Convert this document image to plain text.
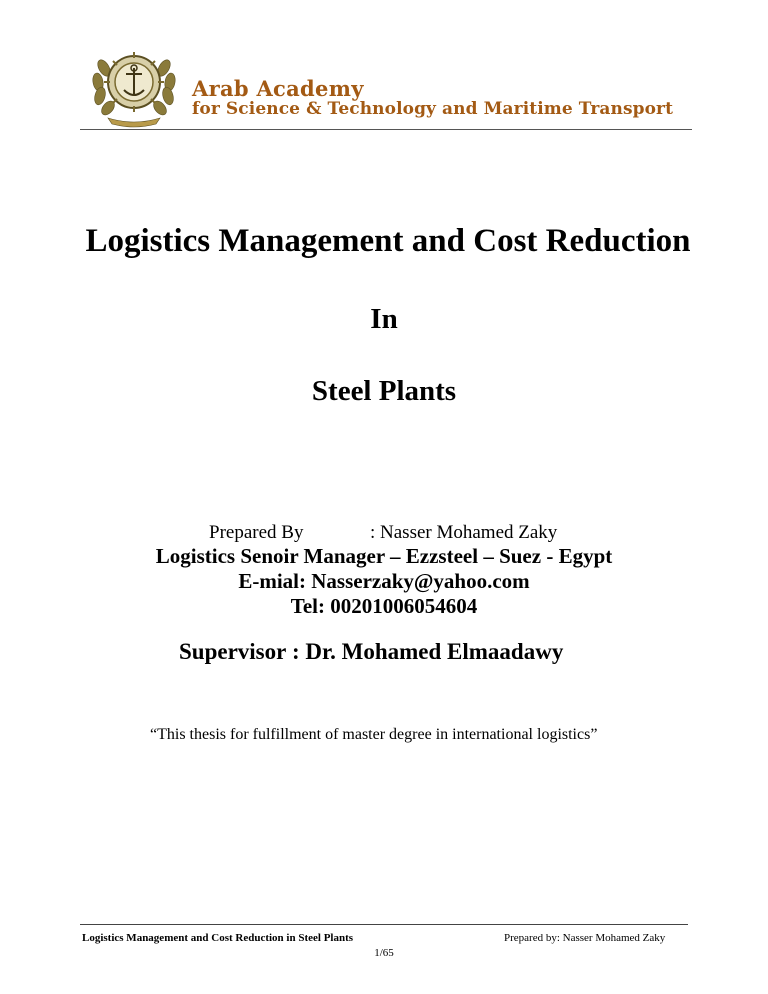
Arab Academy
for Science & Technology and Maritime Transport
Logistics Management and Cost Reduction
In
Steel Plants
Prepared By	: Nasser Mohamed Zaky
Logistics Senoir Manager – Ezzsteel – Suez - Egypt
E-mial: Nasserzaky@yahoo.com
Tel: 00201006054604
Supervisor : Dr. Mohamed Elmaadawy
“This thesis for fulfillment of master degree in international logistics”
Logistics Management and Cost Reduction in Steel Plants	Prepared by: Nasser Mohamed Zaky
1/65
